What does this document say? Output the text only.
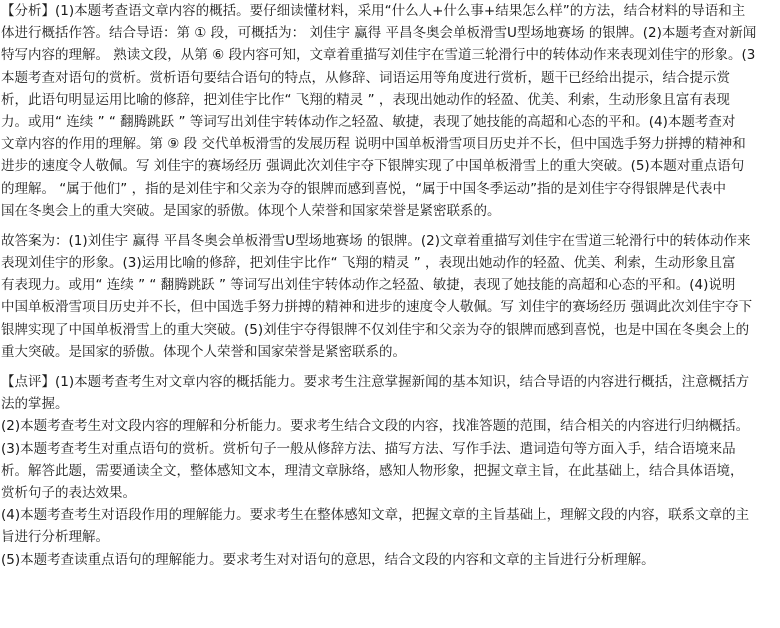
【分析】(1)本题考查语文章内容的概括。要仔细读懂材料，采用“什么人+什么事+结果怎么样”的方法，结合材料的导语和主
体进行概括作答。结合导语：第 ① 段，可概括为： 刘佳宇 赢得 平昌冬奥会单板滑雪U型场地赛场 的银牌。(2)本题考查对新闻
特写内容的理解。 熟读文段，从第 ⑥ 段内容可知，文章着重描写刘佳宇在雪道三轮滑行中的转体动作来表现刘佳宇的形象。(3
本题考查对语句的赏析。赏析语句要结合语句的特点，从修辞、词语运用等角度进行赏析，题干已经给出提示，结合提示赏
析，此语句明显运用比喻的修辞，把刘佳宇比作“ 飞翔的精灵 ” ，表现出她动作的轻盈、优美、利索，生动形象且富有表现
力。或用“ 连续 ” “ 翻腾跳跃 ” 等词写出刘佳宇转体动作之轻盈、敏捷，表现了她技能的高超和心态的平和。(4)本题考查对
文章内容的作用的理解。第 ⑨ 段 交代单板滑雪的发展历程 说明中国单板滑雪项目历史并不长，但中国选手努力拼搏的精神和
进步的速度令人敬佩。写 刘佳宇的赛场经历 强调此次刘佳宇夺下银牌实现了中国单板滑雪上的重大突破。(5)本题对重点语句
的理解。 “属于他们” ，指的是刘佳宇和父亲为夺的银牌而感到喜悦，“属于中国冬季运动”指的是刘佳宇夺得银牌是代表中
国在冬奥会上的重大突破。是国家的骄傲。体现个人荣誉和国家荣誉是紧密联系的。
故答案为：(1)刘佳宇 赢得 平昌冬奥会单板滑雪U型场地赛场 的银牌。(2)文章着重描写刘佳宇在雪道三轮滑行中的转体动作来
表现刘佳宇的形象。(3)运用比喻的修辞，把刘佳宇比作“ 飞翔的精灵 ” ，表现出她动作的轻盈、优美、利索，生动形象且富
有表现力。或用“ 连续 ” “ 翻腾跳跃 ” 等词写出刘佳宇转体动作之轻盈、敏捷，表现了她技能的高超和心态的平和。(4)说明
中国单板滑雪项目历史并不长，但中国选手努力拼搏的精神和进步的速度令人敬佩。写 刘佳宇的赛场经历 强调此次刘佳宇夺下
银牌实现了中国单板滑雪上的重大突破。(5)刘佳宇夺得银牌不仅刘佳宇和父亲为夺的银牌而感到喜悦，也是中国在冬奥会上的
重大突破。是国家的骄傲。体现个人荣誉和国家荣誉是紧密联系的。
【点评】(1)本题考查考生对文章内容的概括能力。要求考生注意掌握新闻的基本知识，结合导语的内容进行概括，注意概括方
法的掌握。
(2)本题考查考生对文段内容的理解和分析能力。要求考生结合文段的内容，找准答题的范围，结合相关的内容进行归纳概括。
(3)本题考查考生对重点语句的赏析。赏析句子一般从修辞方法、描写方法、写作手法、遣词造句等方面入手，结合语境来品
析。解答此题，需要通读全文，整体感知文本，理清文章脉络，感知人物形象，把握文章主旨，在此基础上，结合具体语境，
赏析句子的表达效果。
(4)本题考查考生对语段作用的理解能力。要求考生在整体感知文章，把握文章的主旨基础上，理解文段的内容，联系文章的主
旨进行分析理解。
(5)本题考查读重点语句的理解能力。要求考生对对语句的意思，结合文段的内容和文章的主旨进行分析理解。
